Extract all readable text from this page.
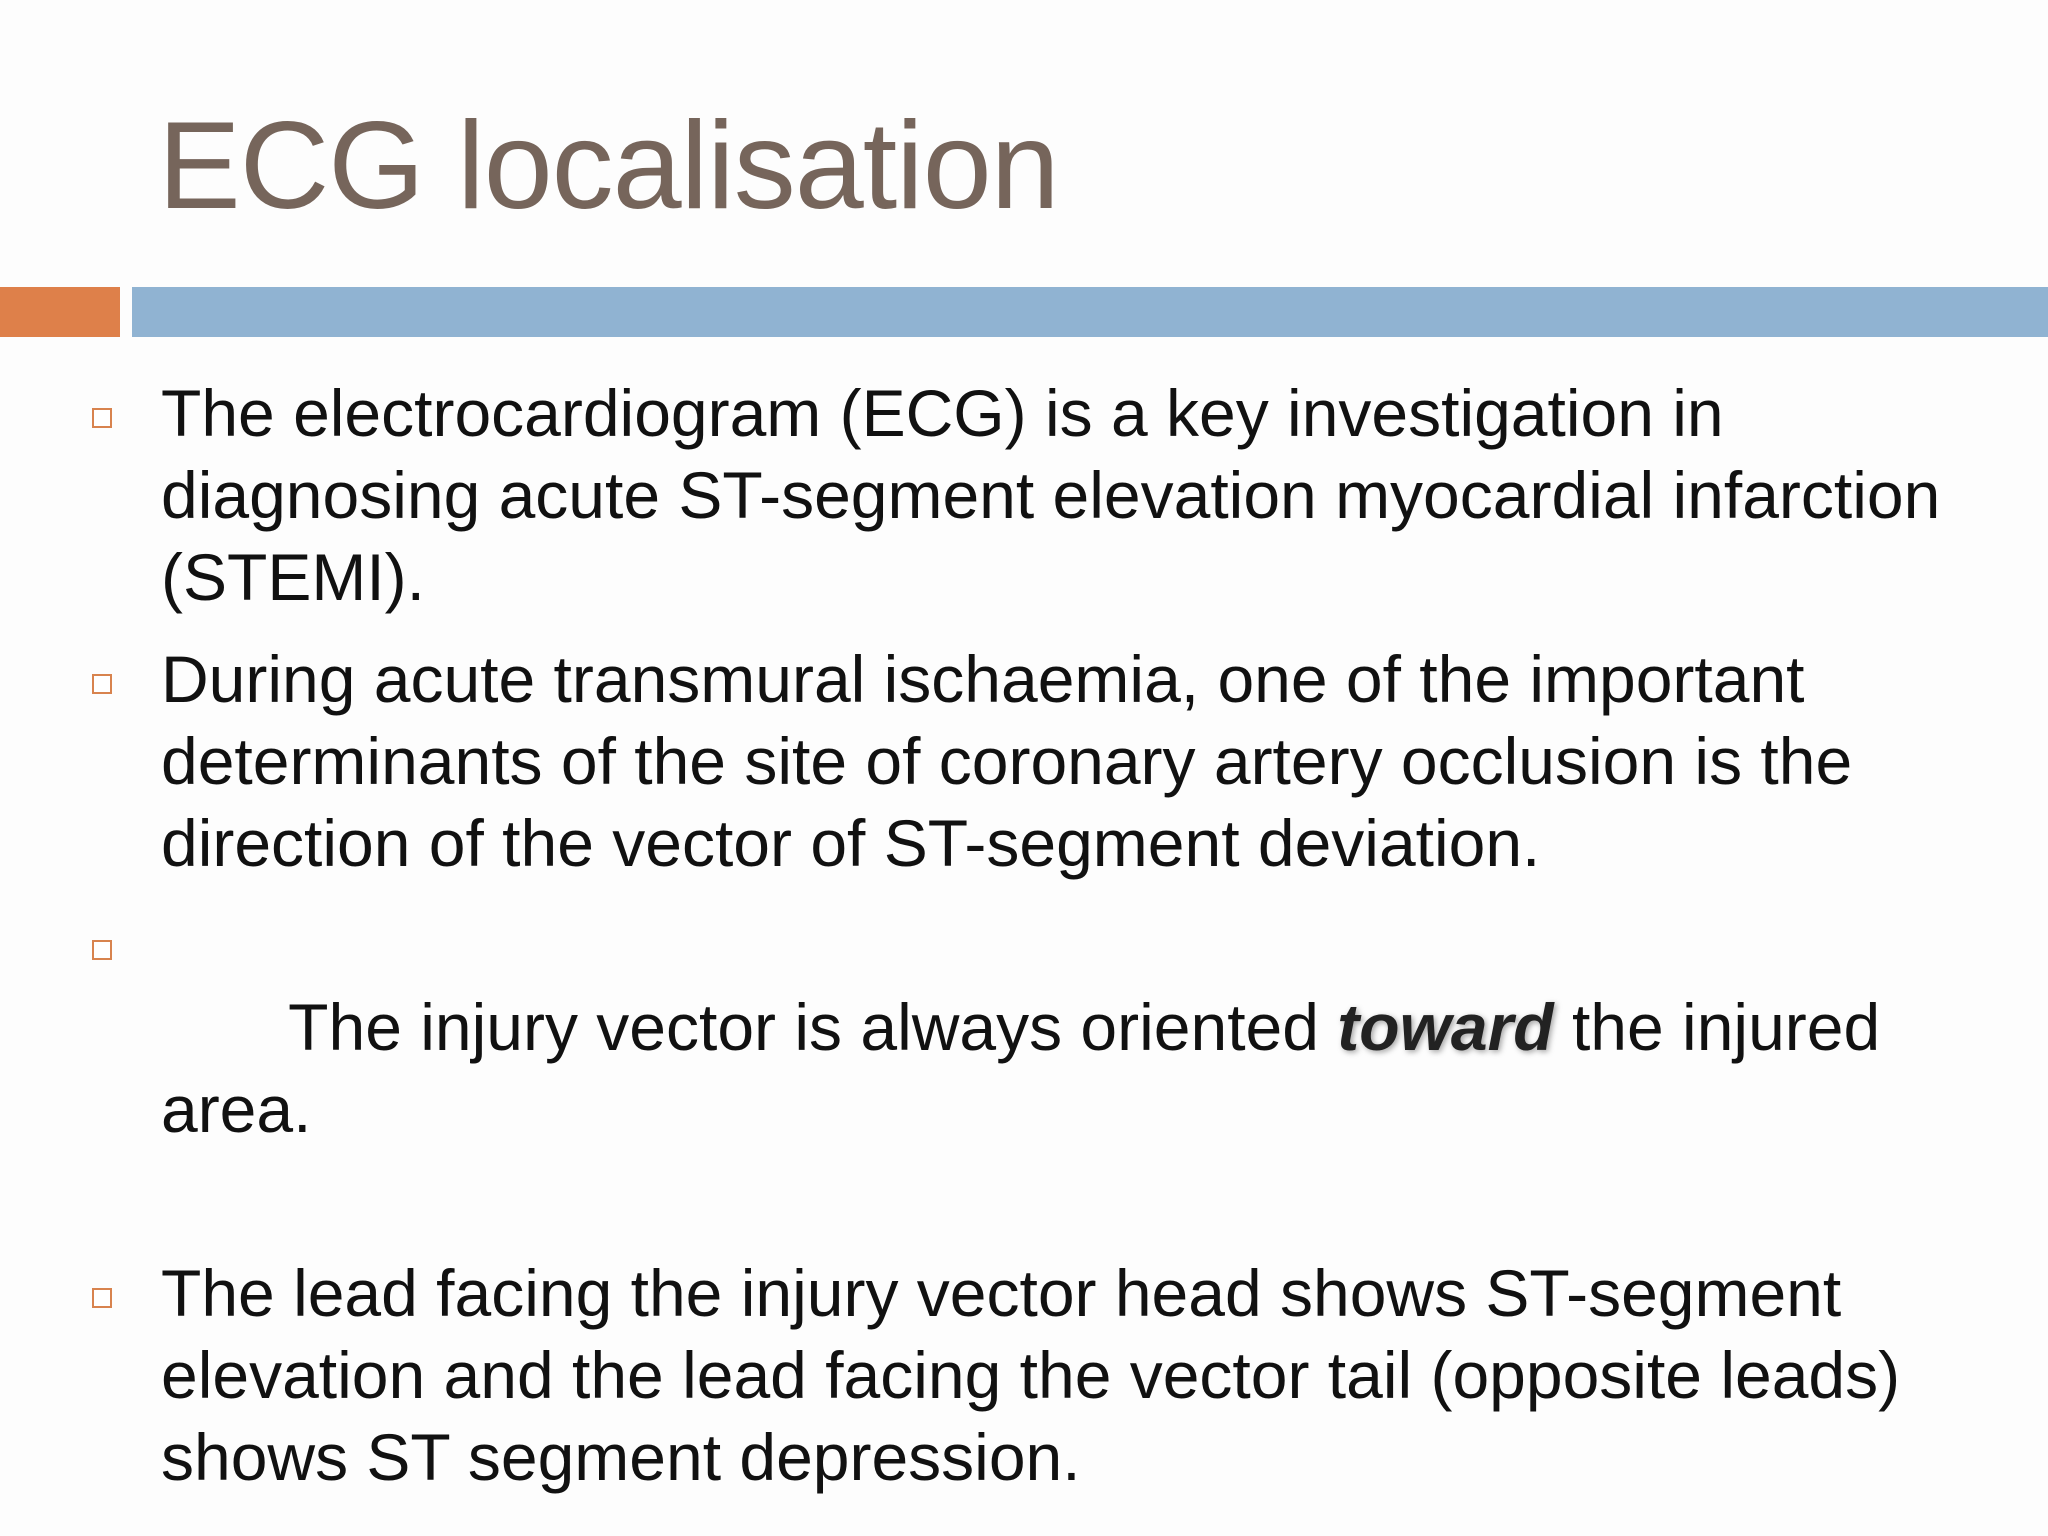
ECG localisation
The electrocardiogram (ECG) is a key investigation in diagnosing acute ST-segment elevation myocardial infarction (STEMI).
During acute transmural ischaemia, one of the important determinants of the site of coronary artery occlusion is the direction of the vector of ST-segment deviation.

The injury vector is always oriented toward the injured area.

The lead facing the injury vector head shows ST-segment elevation and the lead facing the vector tail (opposite leads) shows ST segment depression.
